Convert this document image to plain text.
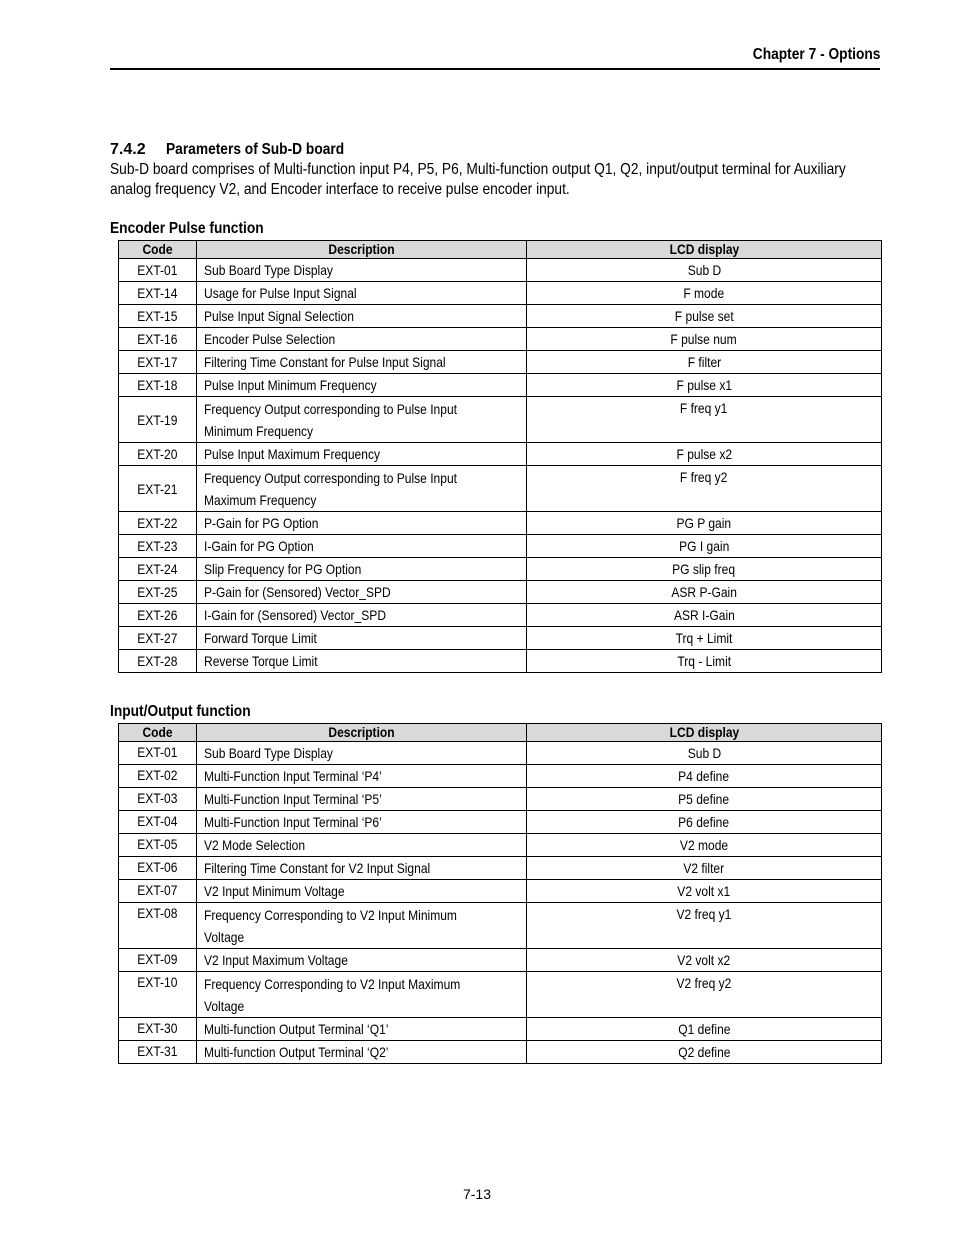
Chapter 7 - Options
7.4.2 Parameters of Sub-D board
Sub-D board comprises of Multi-function input P4, P5, P6, Multi-function output Q1, Q2, input/output terminal for Auxiliary
analog frequency V2, and Encoder interface to receive pulse encoder input.
Encoder Pulse function
Code	Description	LCD display
EXT-01	Sub Board Type Display	Sub D
EXT-14	Usage for Pulse Input Signal	F mode
EXT-15	Pulse Input Signal Selection	F pulse set
EXT-16	Encoder Pulse Selection	F pulse num
EXT-17	Filtering Time Constant for Pulse Input Signal	F filter
EXT-18	Pulse Input Minimum Frequency	F pulse x1
EXT-19	Frequency Output corresponding to Pulse Input
Minimum Frequency	F freq y1
EXT-20	Pulse Input Maximum Frequency	F pulse x2
EXT-21	Frequency Output corresponding to Pulse Input
Maximum Frequency	F freq y2
EXT-22	P-Gain for PG Option	PG P gain
EXT-23	I-Gain for PG Option	PG I gain
EXT-24	Slip Frequency for PG Option	PG slip freq
EXT-25	P-Gain for (Sensored) Vector_SPD	ASR P-Gain
EXT-26	I-Gain for (Sensored) Vector_SPD	ASR I-Gain
EXT-27	Forward Torque Limit	Trq + Limit
EXT-28	Reverse Torque Limit	Trq - Limit
Input/Output function
Code	Description	LCD display
EXT-01	Sub Board Type Display	Sub D
EXT-02	Multi-Function Input Terminal ‘P4’	P4 define
EXT-03	Multi-Function Input Terminal ‘P5’	P5 define
EXT-04	Multi-Function Input Terminal ‘P6’	P6 define
EXT-05	V2 Mode Selection	V2 mode
EXT-06	Filtering Time Constant for V2 Input Signal	V2 filter
EXT-07	V2 Input Minimum Voltage	V2 volt x1
EXT-08	Frequency Corresponding to V2 Input Minimum
Voltage	V2 freq y1
EXT-09	V2 Input Maximum Voltage	V2 volt x2
EXT-10	Frequency Corresponding to V2 Input Maximum
Voltage	V2 freq y2
EXT-30	Multi-function Output Terminal ‘Q1’	Q1 define
EXT-31	Multi-function Output Terminal ‘Q2’	Q2 define
7-13
